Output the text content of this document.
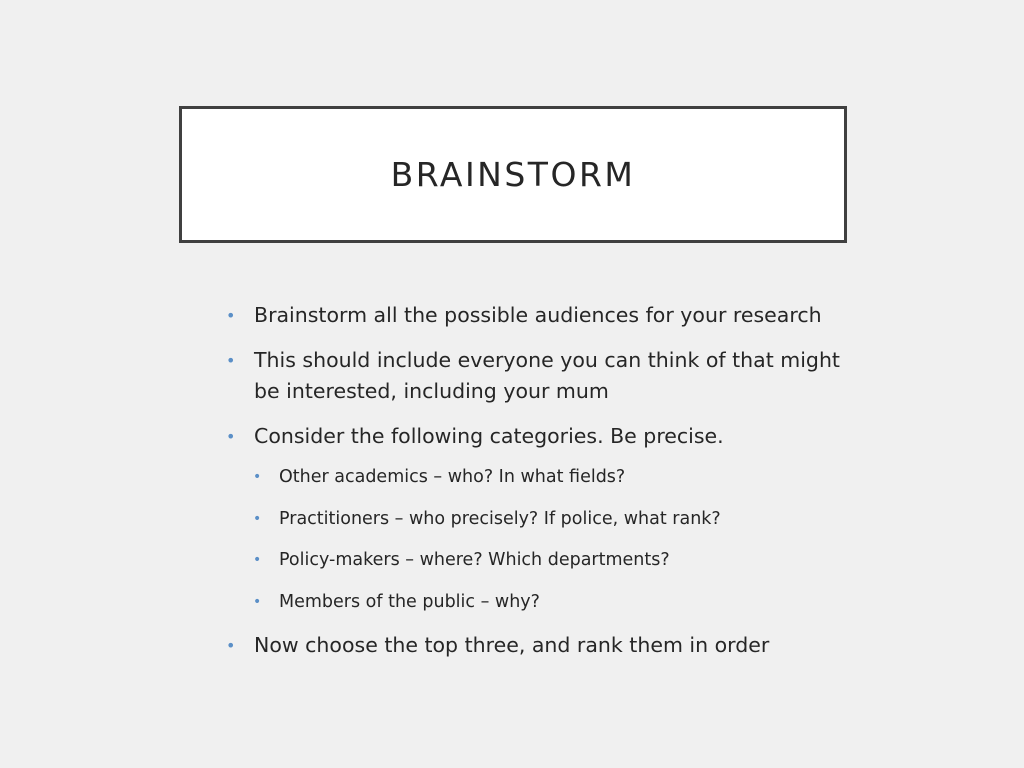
BRAINSTORM
• Brainstorm all the possible audiences for your research
• This should include everyone you can think of that might be interested, including your mum
• Consider the following categories. Be precise.
• Other academics – who? In what fields?
• Practitioners – who precisely? If police, what rank?
• Policy-makers – where? Which departments?
• Members of the public – why?
• Now choose the top three, and rank them in order
